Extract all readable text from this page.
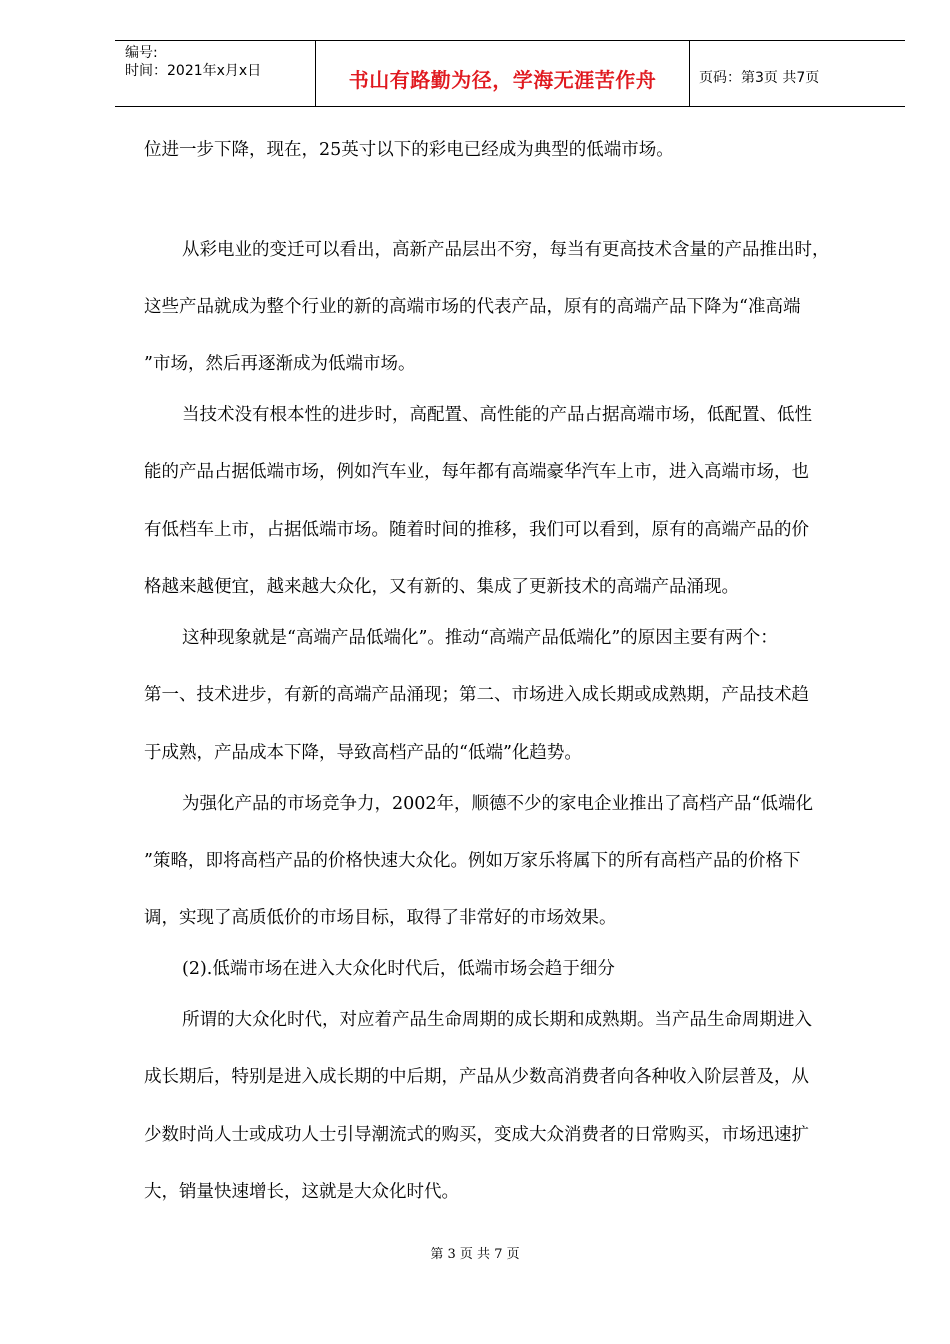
编号:
时间：2021年x月x日	书山有路勤为径，学海无涯苦作舟	页码：第3页 共7页
位进一步下降，现在，25英寸以下的彩电已经成为典型的低端市场。
从彩电业的变迁可以看出，高新产品层出不穷，每当有更高技术含量的产品推出时，
这些产品就成为整个行业的新的高端市场的代表产品，原有的高端产品下降为“准高端
”市场，然后再逐渐成为低端市场。
当技术没有根本性的进步时，高配置、高性能的产品占据高端市场，低配置、低性
能的产品占据低端市场，例如汽车业，每年都有高端豪华汽车上市，进入高端市场，也
有低档车上市，占据低端市场。随着时间的推移，我们可以看到，原有的高端产品的价
格越来越便宜，越来越大众化，又有新的、集成了更新技术的高端产品涌现。
这种现象就是“高端产品低端化”。推动“高端产品低端化”的原因主要有两个：
第一、技术进步，有新的高端产品涌现；第二、市场进入成长期或成熟期，产品技术趋
于成熟，产品成本下降，导致高档产品的“低端”化趋势。
为强化产品的市场竞争力，2002年，顺德不少的家电企业推出了高档产品“低端化
”策略，即将高档产品的价格快速大众化。例如万家乐将属下的所有高档产品的价格下
调，实现了高质低价的市场目标，取得了非常好的市场效果。
(2).低端市场在进入大众化时代后，低端市场会趋于细分
所谓的大众化时代，对应着产品生命周期的成长期和成熟期。当产品生命周期进入
成长期后，特别是进入成长期的中后期，产品从少数高消费者向各种收入阶层普及，从
少数时尚人士或成功人士引导潮流式的购买，变成大众消费者的日常购买，市场迅速扩
大，销量快速增长，这就是大众化时代。
第 3 页 共 7 页
